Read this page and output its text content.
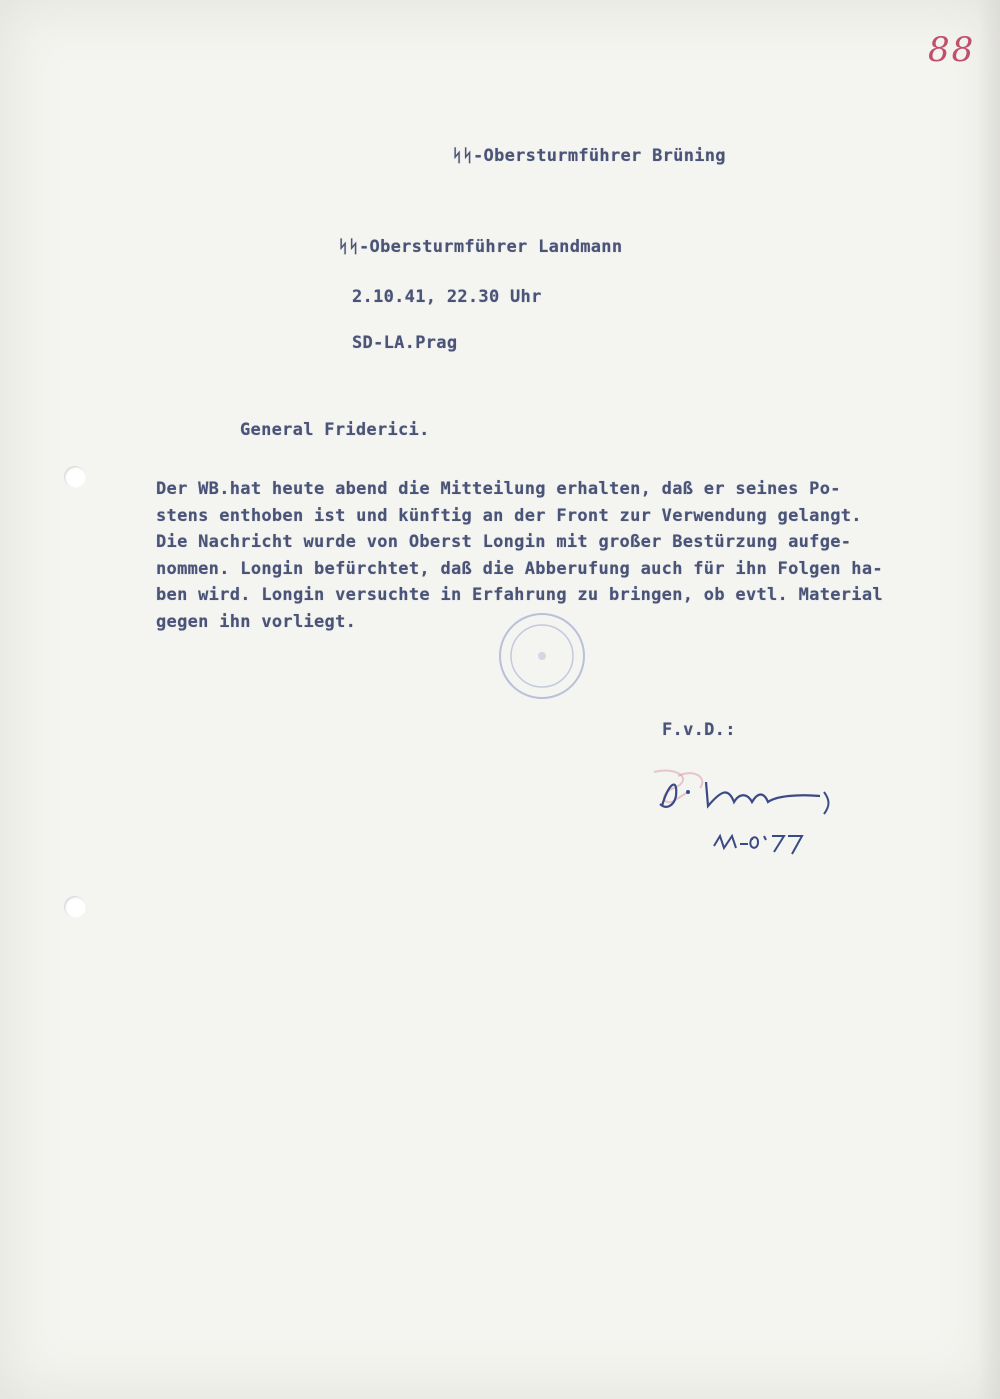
88
ᛋᛋ-Obersturmführer Brüning
ᛋᛋ-Obersturmführer Landmann
2.10.41, 22.30 Uhr
SD-LA.Prag
General Friderici.
Der WB.hat heute abend die Mitteilung erhalten, daß er seines Po-
stens enthoben ist und künftig an der Front zur Verwendung gelangt.
Die Nachricht wurde von Oberst Longin mit großer Bestürzung aufge-
nommen. Longin befürchtet, daß die Abberufung auch für ihn Folgen ha-
ben wird. Longin versuchte in Erfahrung zu bringen, ob evtl. Material
gegen ihn vorliegt.
F.v.D.:
